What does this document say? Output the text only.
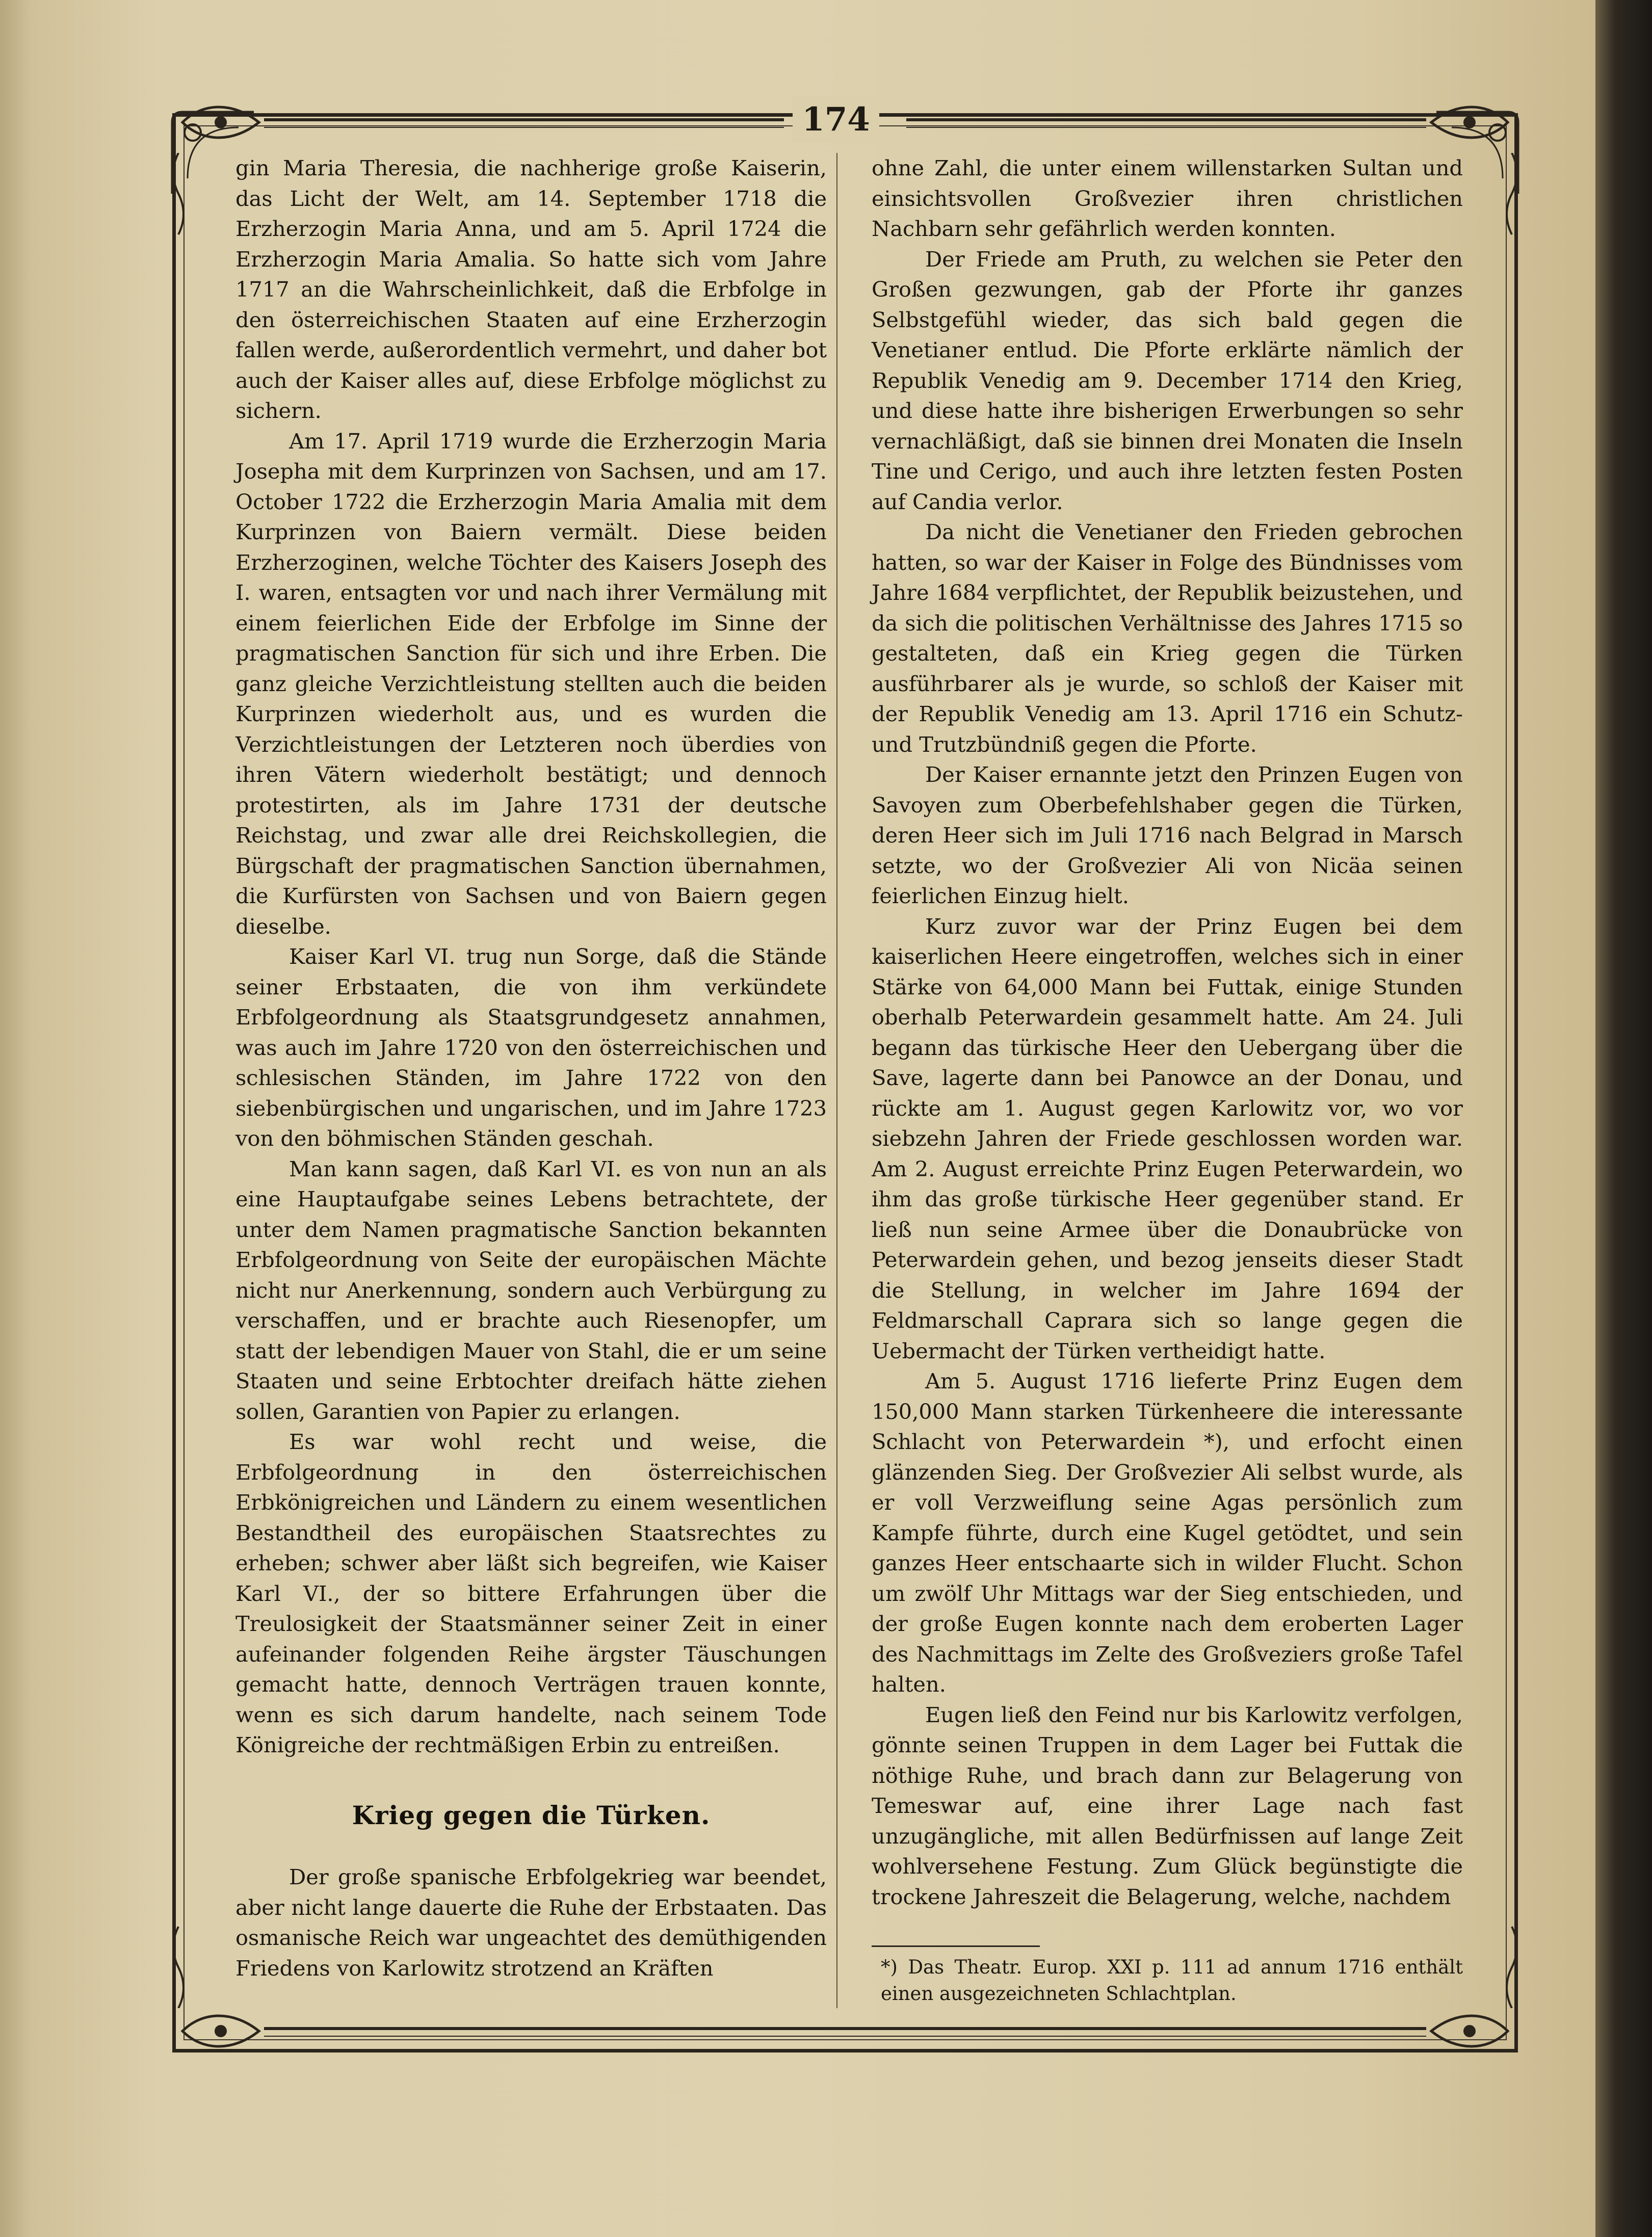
174

gin Maria Theresia, die nachherige große Kaiserin, das Licht der Welt, am 14. September 1718 die Erzherzogin Maria Anna, und am 5. April 1724 die Erzherzogin Maria Amalia. So hatte sich vom Jahre 1717 an die Wahrscheinlichkeit, daß die Erbfolge in den österreichischen Staaten auf eine Erzherzogin fallen werde, außerordentlich vermehrt, und daher bot auch der Kaiser alles auf, diese Erbfolge möglichst zu sichern.

Am 17. April 1719 wurde die Erzherzogin Maria Josepha mit dem Kurprinzen von Sachsen, und am 17. October 1722 die Erzherzogin Maria Amalia mit dem Kurprinzen von Baiern vermält. Diese beiden Erzherzoginen, welche Töchter des Kaisers Joseph des I. waren, entsagten vor und nach ihrer Vermälung mit einem feierlichen Eide der Erbfolge im Sinne der pragmatischen Sanction für sich und ihre Erben. Die ganz gleiche Verzichtleistung stellten auch die beiden Kurprinzen wiederholt aus, und es wurden die Verzichtleistungen der Letzteren noch überdies von ihren Vätern wiederholt bestätigt; und dennoch protestirten, als im Jahre 1731 der deutsche Reichstag, und zwar alle drei Reichskollegien, die Bürgschaft der pragmatischen Sanction übernahmen, die Kurfürsten von Sachsen und von Baiern gegen dieselbe.

Kaiser Karl VI. trug nun Sorge, daß die Stände seiner Erbstaaten, die von ihm verkündete Erbfolgeordnung als Staatsgrundgesetz annahmen, was auch im Jahre 1720 von den österreichischen und schlesischen Ständen, im Jahre 1722 von den siebenbürgischen und ungarischen, und im Jahre 1723 von den böhmischen Ständen geschah.

Man kann sagen, daß Karl VI. es von nun an als eine Hauptaufgabe seines Lebens betrachtete, der unter dem Namen pragmatische Sanction bekannten Erbfolgeordnung von Seite der europäischen Mächte nicht nur Anerkennung, sondern auch Verbürgung zu verschaffen, und er brachte auch Riesenopfer, um statt der lebendigen Mauer von Stahl, die er um seine Staaten und seine Erbtochter dreifach hätte ziehen sollen, Garantien von Papier zu erlangen.

Es war wohl recht und weise, die Erbfolgeordnung in den österreichischen Erbkönigreichen und Ländern zu einem wesentlichen Bestandtheil des europäischen Staatsrechtes zu erheben; schwer aber läßt sich begreifen, wie Kaiser Karl VI., der so bittere Erfahrungen über die Treulosigkeit der Staatsmänner seiner Zeit in einer aufeinander folgenden Reihe ärgster Täuschungen gemacht hatte, dennoch Verträgen trauen konnte, wenn es sich darum handelte, nach seinem Tode Königreiche der rechtmäßigen Erbin zu entreißen.

Krieg gegen die Türken.

Der große spanische Erbfolgekrieg war beendet, aber nicht lange dauerte die Ruhe der Erbstaaten. Das osmanische Reich war ungeachtet des demüthigenden Friedens von Karlowitz strotzend an Kräften

ohne Zahl, die unter einem willenstarken Sultan und einsichtsvollen Großvezier ihren christlichen Nachbarn sehr gefährlich werden konnten.

Der Friede am Pruth, zu welchen sie Peter den Großen gezwungen, gab der Pforte ihr ganzes Selbstgefühl wieder, das sich bald gegen die Venetianer entlud. Die Pforte erklärte nämlich der Republik Venedig am 9. December 1714 den Krieg, und diese hatte ihre bisherigen Erwerbungen so sehr vernachläßigt, daß sie binnen drei Monaten die Inseln Tine und Cerigo, und auch ihre letzten festen Posten auf Candia verlor.

Da nicht die Venetianer den Frieden gebrochen hatten, so war der Kaiser in Folge des Bündnisses vom Jahre 1684 verpflichtet, der Republik beizustehen, und da sich die politischen Verhältnisse des Jahres 1715 so gestalteten, daß ein Krieg gegen die Türken ausführbarer als je wurde, so schloß der Kaiser mit der Republik Venedig am 13. April 1716 ein Schutz- und Trutzbündniß gegen die Pforte.

Der Kaiser ernannte jetzt den Prinzen Eugen von Savoyen zum Oberbefehlshaber gegen die Türken, deren Heer sich im Juli 1716 nach Belgrad in Marsch setzte, wo der Großvezier Ali von Nicäa seinen feierlichen Einzug hielt.

Kurz zuvor war der Prinz Eugen bei dem kaiserlichen Heere eingetroffen, welches sich in einer Stärke von 64,000 Mann bei Futtak, einige Stunden oberhalb Peterwardein gesammelt hatte. Am 24. Juli begann das türkische Heer den Uebergang über die Save, lagerte dann bei Panowce an der Donau, und rückte am 1. August gegen Karlowitz vor, wo vor siebzehn Jahren der Friede geschlossen worden war. Am 2. August erreichte Prinz Eugen Peterwardein, wo ihm das große türkische Heer gegenüber stand. Er ließ nun seine Armee über die Donaubrücke von Peterwardein gehen, und bezog jenseits dieser Stadt die Stellung, in welcher im Jahre 1694 der Feldmarschall Caprara sich so lange gegen die Uebermacht der Türken vertheidigt hatte.

Am 5. August 1716 lieferte Prinz Eugen dem 150,000 Mann starken Türkenheere die interessante Schlacht von Peterwardein *), und erfocht einen glänzenden Sieg. Der Großvezier Ali selbst wurde, als er voll Verzweiflung seine Agas persönlich zum Kampfe führte, durch eine Kugel getödtet, und sein ganzes Heer entschaarte sich in wilder Flucht. Schon um zwölf Uhr Mittags war der Sieg entschieden, und der große Eugen konnte nach dem eroberten Lager des Nachmittags im Zelte des Großveziers große Tafel halten.

Eugen ließ den Feind nur bis Karlowitz verfolgen, gönnte seinen Truppen in dem Lager bei Futtak die nöthige Ruhe, und brach dann zur Belagerung von Temeswar auf, eine ihrer Lage nach fast unzugängliche, mit allen Bedürfnissen auf lange Zeit wohlversehene Festung. Zum Glück begünstigte die trockene Jahreszeit die Belagerung, welche, nachdem

*) Das Theatr. Europ. XXI p. 111 ad annum 1716 enthält einen ausgezeichneten Schlachtplan.
